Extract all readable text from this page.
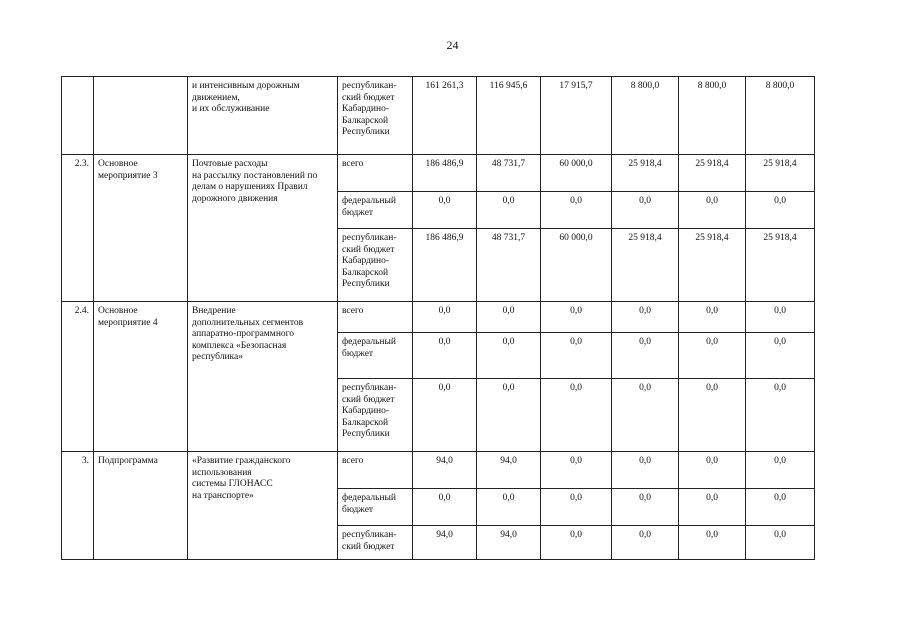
24
		и интенсивным дорожным
движением,
и их обслуживание	республикан-
ский бюджет
Кабардино-
Балкарской
Республики	161 261,3	116 945,6	17 915,7	8 800,0	8 800,0	8 800,0
2.3.	Основное
мероприятие 3	Почтовые расходы
на рассылку постановлений по
делам о нарушениях Правил
дорожного движения	всего	186 486,9	48 731,7	60 000,0	25 918,4	25 918,4	25 918,4
			федеральный
бюджет	0,0	0,0	0,0	0,0	0,0	0,0
			республикан-
ский бюджет
Кабардино-
Балкарской
Республики	186 486,9	48 731,7	60 000,0	25 918,4	25 918,4	25 918,4
2.4.	Основное
мероприятие 4	Внедрение
дополнительных сегментов
аппаратно-программного
комплекса «Безопасная
республика»	всего	0,0	0,0	0,0	0,0	0,0	0,0
			федеральный
бюджет	0,0	0,0	0,0	0,0	0,0	0,0
			республикан-
ский бюджет
Кабардино-
Балкарской
Республики	0,0	0,0	0,0	0,0	0,0	0,0
3.	Подпрограмма	«Развитие гражданского
использования
системы ГЛОНАСС
на транспорте»	всего	94,0	94,0	0,0	0,0	0,0	0,0
			федеральный
бюджет	0,0	0,0	0,0	0,0	0,0	0,0
			республикан-
ский бюджет	94,0	94,0	0,0	0,0	0,0	0,0
